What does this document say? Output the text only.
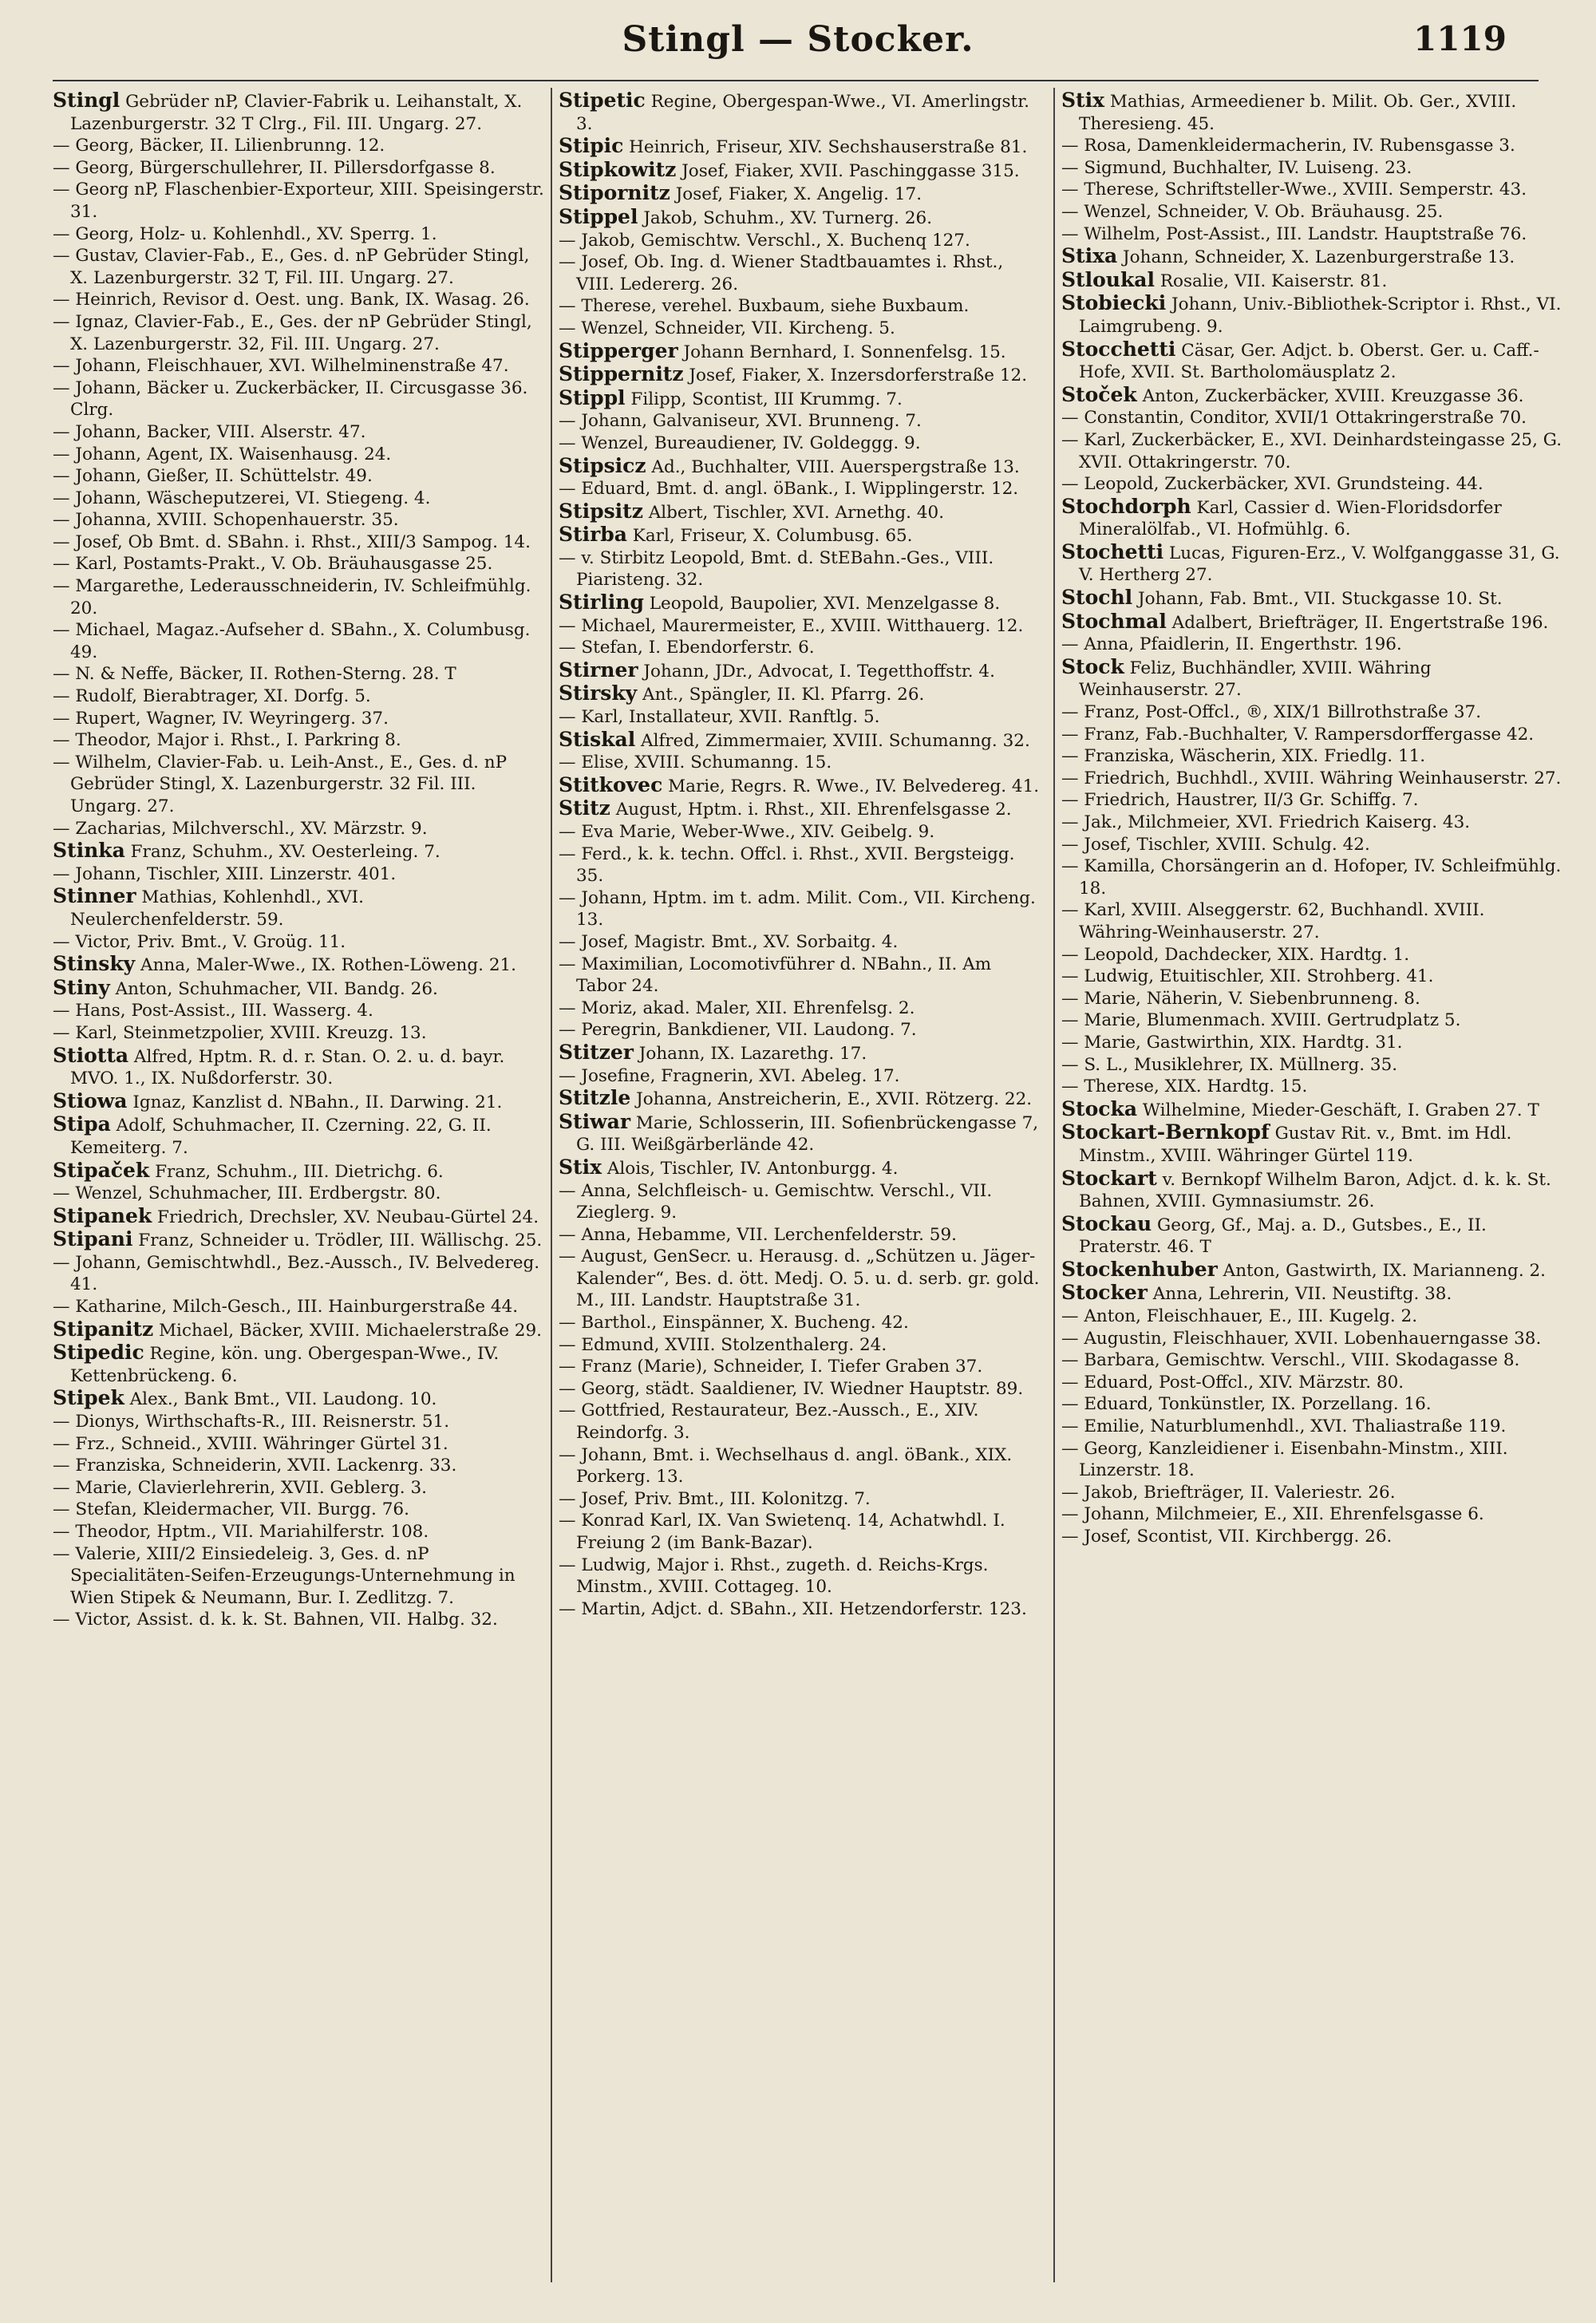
Stingl — Stocker.	1119
Stingl Gebrüder nP, Clavier-Fabrik u. Leihanstalt, X. Lazenburgerstr. 32 T Clrg., Fil. III. Ungarg. 27.
— Georg, Bäcker, II. Lilienbrunng. 12.
— Georg, Bürgerschullehrer, II. Pillersdorfgasse 8.
— Georg nP, Flaschenbier-Exporteur, XIII. Speisingerstr. 31.
— Georg, Holz- u. Kohlenhdl., XV. Sperrg. 1.
— Gustav, Clavier-Fab., E., Ges. d. nP Gebrüder Stingl, X. Lazenburgerstr. 32 T, Fil. III. Ungarg. 27.
— Heinrich, Revisor d. Oest. ung. Bank, IX. Wasag. 26.
— Ignaz, Clavier-Fab., E., Ges. der nP Gebrüder Stingl, X. Lazenburgerstr. 32, Fil. III. Ungarg. 27.
— Johann, Fleischhauer, XVI. Wilhelminenstraße 47.
— Johann, Bäcker u. Zuckerbäcker, II. Circusgasse 36. Clrg.
— Johann, Backer, VIII. Alserstr. 47.
— Johann, Agent, IX. Waisenhausg. 24.
— Johann, Gießer, II. Schüttelstr. 49.
— Johann, Wäscheputzerei, VI. Stiegeng. 4.
— Johanna, XVIII. Schopenhauerstr. 35.
— Josef, Ob Bmt. d. SBahn. i. Rhst., XIII/3 Sampog. 14.
— Karl, Postamts-Prakt., V. Ob. Bräuhausgasse 25.
— Margarethe, Lederausschneiderin, IV. Schleifmühlg. 20.
— Michael, Magaz.-Aufseher d. SBahn., X. Columbusg. 49.
— N. & Neffe, Bäcker, II. Rothen-Sterng. 28. T
— Rudolf, Bierabtrager, XI. Dorfg. 5.
— Rupert, Wagner, IV. Weyringerg. 37.
— Theodor, Major i. Rhst., I. Parkring 8.
— Wilhelm, Clavier-Fab. u. Leih-Anst., E., Ges. d. nP Gebrüder Stingl, X. Lazenburgerstr. 32 Fil. III. Ungarg. 27.
— Zacharias, Milchverschl., XV. Märzstr. 9.
Stinka Franz, Schuhm., XV. Oesterleing. 7.
— Johann, Tischler, XIII. Linzerstr. 401.
Stinner Mathias, Kohlenhdl., XVI. Neulerchenfelderstr. 59.
— Victor, Priv. Bmt., V. Groüg. 11.
Stinsky Anna, Maler-Wwe., IX. Rothen-Löweng. 21.
Stiny Anton, Schuhmacher, VII. Bandg. 26.
— Hans, Post-Assist., III. Wasserg. 4.
— Karl, Steinmetzpolier, XVIII. Kreuzg. 13.
Stiotta Alfred, Hptm. R. d. r. Stan. O. 2. u. d. bayr. MVO. 1., IX. Nußdorferstr. 30.
Stiowa Ignaz, Kanzlist d. NBahn., II. Darwing. 21.
Stipa Adolf, Schuhmacher, II. Czerning. 22, G. II. Kemeiterg. 7.
Stipaček Franz, Schuhm., III. Dietrichg. 6.
— Wenzel, Schuhmacher, III. Erdbergstr. 80.
Stipanek Friedrich, Drechsler, XV. Neubau-Gürtel 24.
Stipani Franz, Schneider u. Trödler, III. Wällischg. 25.
— Johann, Gemischtwhdl., Bez.-Aussch., IV. Belvedereg. 41.
— Katharine, Milch-Gesch., III. Hainburgerstraße 44.
Stipanitz Michael, Bäcker, XVIII. Michaelerstraße 29.
Stipedic Regine, kön. ung. Obergespan-Wwe., IV. Kettenbrückeng. 6.
Stipek Alex., Bank Bmt., VII. Laudong. 10.
— Dionys, Wirthschafts-R., III. Reisnerstr. 51.
— Frz., Schneid., XVIII. Währinger Gürtel 31.
— Franziska, Schneiderin, XVII. Lackenrg. 33.
— Marie, Clavierlehrerin, XVII. Geblerg. 3.
— Stefan, Kleidermacher, VII. Burgg. 76.
— Theodor, Hptm., VII. Mariahilferstr. 108.
— Valerie, XIII/2 Einsiedeleig. 3, Ges. d. nP Specialitäten-Seifen-Erzeugungs-Unternehmung in Wien Stipek & Neumann, Bur. I. Zedlitzg. 7.
— Victor, Assist. d. k. k. St. Bahnen, VII. Halbg. 32.
Stipetic Regine, Obergespan-Wwe., VI. Amerlingstr. 3.
Stipic Heinrich, Friseur, XIV. Sechshauserstraße 81.
Stipkowitz Josef, Fiaker, XVII. Paschinggasse 315.
Stipornitz Josef, Fiaker, X. Angelig. 17.
Stippel Jakob, Schuhm., XV. Turnerg. 26.
— Jakob, Gemischtw. Verschl., X. Buchenq 127.
— Josef, Ob. Ing. d. Wiener Stadtbauamtes i. Rhst., VIII. Ledererg. 26.
— Therese, verehel. Buxbaum, siehe Buxbaum.
— Wenzel, Schneider, VII. Kircheng. 5.
Stipperger Johann Bernhard, I. Sonnenfelsg. 15.
Stippernitz Josef, Fiaker, X. Inzersdorferstraße 12.
Stippl Filipp, Scontist, III Krummg. 7.
— Johann, Galvaniseur, XVI. Brunneng. 7.
— Wenzel, Bureaudiener, IV. Goldeggg. 9.
Stipsicz Ad., Buchhalter, VIII. Auerspergstraße 13.
— Eduard, Bmt. d. angl. öBank., I. Wipplingerstr. 12.
Stipsitz Albert, Tischler, XVI. Arnethg. 40.
Stirba Karl, Friseur, X. Columbusg. 65.
— v. Stirbitz Leopold, Bmt. d. StEBahn.-Ges., VIII. Piaristeng. 32.
Stirling Leopold, Baupolier, XVI. Menzelgasse 8.
— Michael, Maurermeister, E., XVIII. Witthauerg. 12.
— Stefan, I. Ebendorferstr. 6.
Stirner Johann, JDr., Advocat, I. Tegetthoffstr. 4.
Stirsky Ant., Spängler, II. Kl. Pfarrg. 26.
— Karl, Installateur, XVII. Ranftlg. 5.
Stiskal Alfred, Zimmermaier, XVIII. Schumanng. 32.
— Elise, XVIII. Schumanng. 15.
Stitkovec Marie, Regrs. R. Wwe., IV. Belvedereg. 41.
Stitz August, Hptm. i. Rhst., XII. Ehrenfelsgasse 2.
— Eva Marie, Weber-Wwe., XIV. Geibelg. 9.
— Ferd., k. k. techn. Offcl. i. Rhst., XVII. Bergsteigg. 35.
— Johann, Hptm. im t. adm. Milit. Com., VII. Kircheng. 13.
— Josef, Magistr. Bmt., XV. Sorbaitg. 4.
— Maximilian, Locomotivführer d. NBahn., II. Am Tabor 24.
— Moriz, akad. Maler, XII. Ehrenfelsg. 2.
— Peregrin, Bankdiener, VII. Laudong. 7.
Stitzer Johann, IX. Lazarethg. 17.
— Josefine, Fragnerin, XVI. Abeleg. 17.
Stitzle Johanna, Anstreicherin, E., XVII. Rötzerg. 22.
Stiwar Marie, Schlosserin, III. Sofienbrückengasse 7, G. III. Weißgärberlände 42.
Stix Alois, Tischler, IV. Antonburgg. 4.
— Anna, Selchfleisch- u. Gemischtw. Verschl., VII. Zieglerg. 9.
— Anna, Hebamme, VII. Lerchenfelderstr. 59.
— August, GenSecr. u. Herausg. d. „Schützen u. Jäger-Kalender“, Bes. d. ött. Medj. O. 5. u. d. serb. gr. gold. M., III. Landstr. Hauptstraße 31.
— Barthol., Einspänner, X. Bucheng. 42.
— Edmund, XVIII. Stolzenthalerg. 24.
— Franz (Marie), Schneider, I. Tiefer Graben 37.
— Georg, städt. Saaldiener, IV. Wiedner Hauptstr. 89.
— Gottfried, Restaurateur, Bez.-Aussch., E., XIV. Reindorfg. 3.
— Johann, Bmt. i. Wechselhaus d. angl. öBank., XIX. Porkerg. 13.
— Josef, Priv. Bmt., III. Kolonitzg. 7.
— Konrad Karl, IX. Van Swietenq. 14, Achatwhdl. I. Freiung 2 (im Bank-Bazar).
— Ludwig, Major i. Rhst., zugeth. d. Reichs-Krgs. Minstm., XVIII. Cottageg. 10.
— Martin, Adjct. d. SBahn., XII. Hetzendorferstr. 123.
Stix Mathias, Armeediener b. Milit. Ob. Ger., XVIII. Theresieng. 45.
— Rosa, Damenkleidermacherin, IV. Rubensgasse 3.
— Sigmund, Buchhalter, IV. Luiseng. 23.
— Therese, Schriftsteller-Wwe., XVIII. Semperstr. 43.
— Wenzel, Schneider, V. Ob. Bräuhausg. 25.
— Wilhelm, Post-Assist., III. Landstr. Hauptstraße 76.
Stixa Johann, Schneider, X. Lazenburgerstraße 13.
Stloukal Rosalie, VII. Kaiserstr. 81.
Stobiecki Johann, Univ.-Bibliothek-Scriptor i. Rhst., VI. Laimgrubeng. 9.
Stocchetti Cäsar, Ger. Adjct. b. Oberst. Ger. u. Caff.-Hofe, XVII. St. Bartholomäusplatz 2.
Stoček Anton, Zuckerbäcker, XVIII. Kreuzgasse 36.
— Constantin, Conditor, XVII/1 Ottakringerstraße 70.
— Karl, Zuckerbäcker, E., XVI. Deinhardsteingasse 25, G. XVII. Ottakringerstr. 70.
— Leopold, Zuckerbäcker, XVI. Grundsteing. 44.
Stochdorph Karl, Cassier d. Wien-Floridsdorfer Mineralölfab., VI. Hofmühlg. 6.
Stochetti Lucas, Figuren-Erz., V. Wolfganggasse 31, G. V. Hertherg 27.
Stochl Johann, Fab. Bmt., VII. Stuckgasse 10. St.
Stochmal Adalbert, Briefträger, II. Engertstraße 196.
— Anna, Pfaidlerin, II. Engerthstr. 196.
Stock Feliz, Buchhändler, XVIII. Währing Weinhauserstr. 27.
— Franz, Post-Offcl., ®, XIX/1 Billrothstraße 37.
— Franz, Fab.-Buchhalter, V. Rampersdorffergasse 42.
— Franziska, Wäscherin, XIX. Friedlg. 11.
— Friedrich, Buchhdl., XVIII. Währing Weinhauserstr. 27.
— Friedrich, Haustrer, II/3 Gr. Schiffg. 7.
— Jak., Milchmeier, XVI. Friedrich Kaiserg. 43.
— Josef, Tischler, XVIII. Schulg. 42.
— Kamilla, Chorsängerin an d. Hofoper, IV. Schleifmühlg. 18.
— Karl, XVIII. Alseggerstr. 62, Buchhandl. XVIII. Währing-Weinhauserstr. 27.
— Leopold, Dachdecker, XIX. Hardtg. 1.
— Ludwig, Etuitischler, XII. Strohberg. 41.
— Marie, Näherin, V. Siebenbrunneng. 8.
— Marie, Blumenmach. XVIII. Gertrudplatz 5.
— Marie, Gastwirthin, XIX. Hardtg. 31.
— S. L., Musiklehrer, IX. Müllnerg. 35.
— Therese, XIX. Hardtg. 15.
Stocka Wilhelmine, Mieder-Geschäft, I. Graben 27. T
Stockart-Bernkopf Gustav Rit. v., Bmt. im Hdl. Minstm., XVIII. Währinger Gürtel 119.
Stockart v. Bernkopf Wilhelm Baron, Adjct. d. k. k. St. Bahnen, XVIII. Gymnasiumstr. 26.
Stockau Georg, Gf., Maj. a. D., Gutsbes., E., II. Praterstr. 46. T
Stockenhuber Anton, Gastwirth, IX. Marianneng. 2.
Stocker Anna, Lehrerin, VII. Neustiftg. 38.
— Anton, Fleischhauer, E., III. Kugelg. 2.
— Augustin, Fleischhauer, XVII. Lobenhauerngasse 38.
— Barbara, Gemischtw. Verschl., VIII. Skodagasse 8.
— Eduard, Post-Offcl., XIV. Märzstr. 80.
— Eduard, Tonkünstler, IX. Porzellang. 16.
— Emilie, Naturblumenhdl., XVI. Thaliastraße 119.
— Georg, Kanzleidiener i. Eisenbahn-Minstm., XIII. Linzerstr. 18.
— Jakob, Briefträger, II. Valeriestr. 26.
— Johann, Milchmeier, E., XII. Ehrenfelsgasse 6.
— Josef, Scontist, VII. Kirchbergg. 26.
